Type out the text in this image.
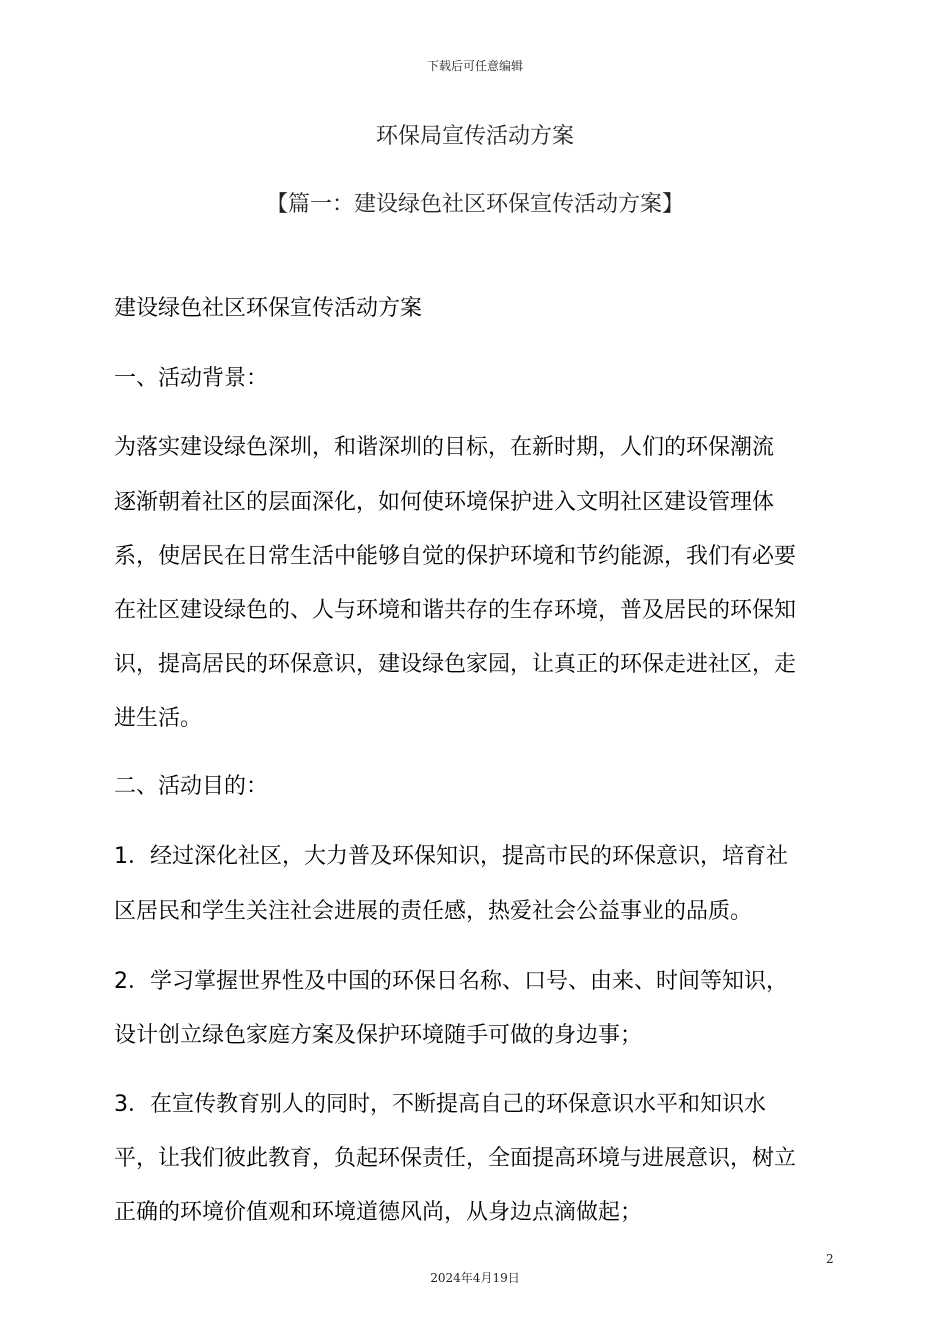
下载后可任意编辑
环保局宣传活动方案
【篇一：建设绿色社区环保宣传活动方案】
建设绿色社区环保宣传活动方案
一、活动背景：
为落实建设绿色深圳，和谐深圳的目标，在新时期，人们的环保潮流
逐渐朝着社区的层面深化，如何使环境保护进入文明社区建设管理体
系，使居民在日常生活中能够自觉的保护环境和节约能源，我们有必要
在社区建设绿色的、人与环境和谐共存的生存环境，普及居民的环保知
识，提高居民的环保意识，建设绿色家园，让真正的环保走进社区，走
进生活。
二、活动目的：
1．经过深化社区，大力普及环保知识，提高市民的环保意识，培育社
区居民和学生关注社会进展的责任感，热爱社会公益事业的品质。
2．学习掌握世界性及中国的环保日名称、口号、由来、时间等知识，
设计创立绿色家庭方案及保护环境随手可做的身边事；
3．在宣传教育别人的同时，不断提高自己的环保意识水平和知识水
平，让我们彼此教育，负起环保责任，全面提高环境与进展意识，树立
正确的环境价值观和环境道德风尚，从身边点滴做起；
2
2024年4月19日
